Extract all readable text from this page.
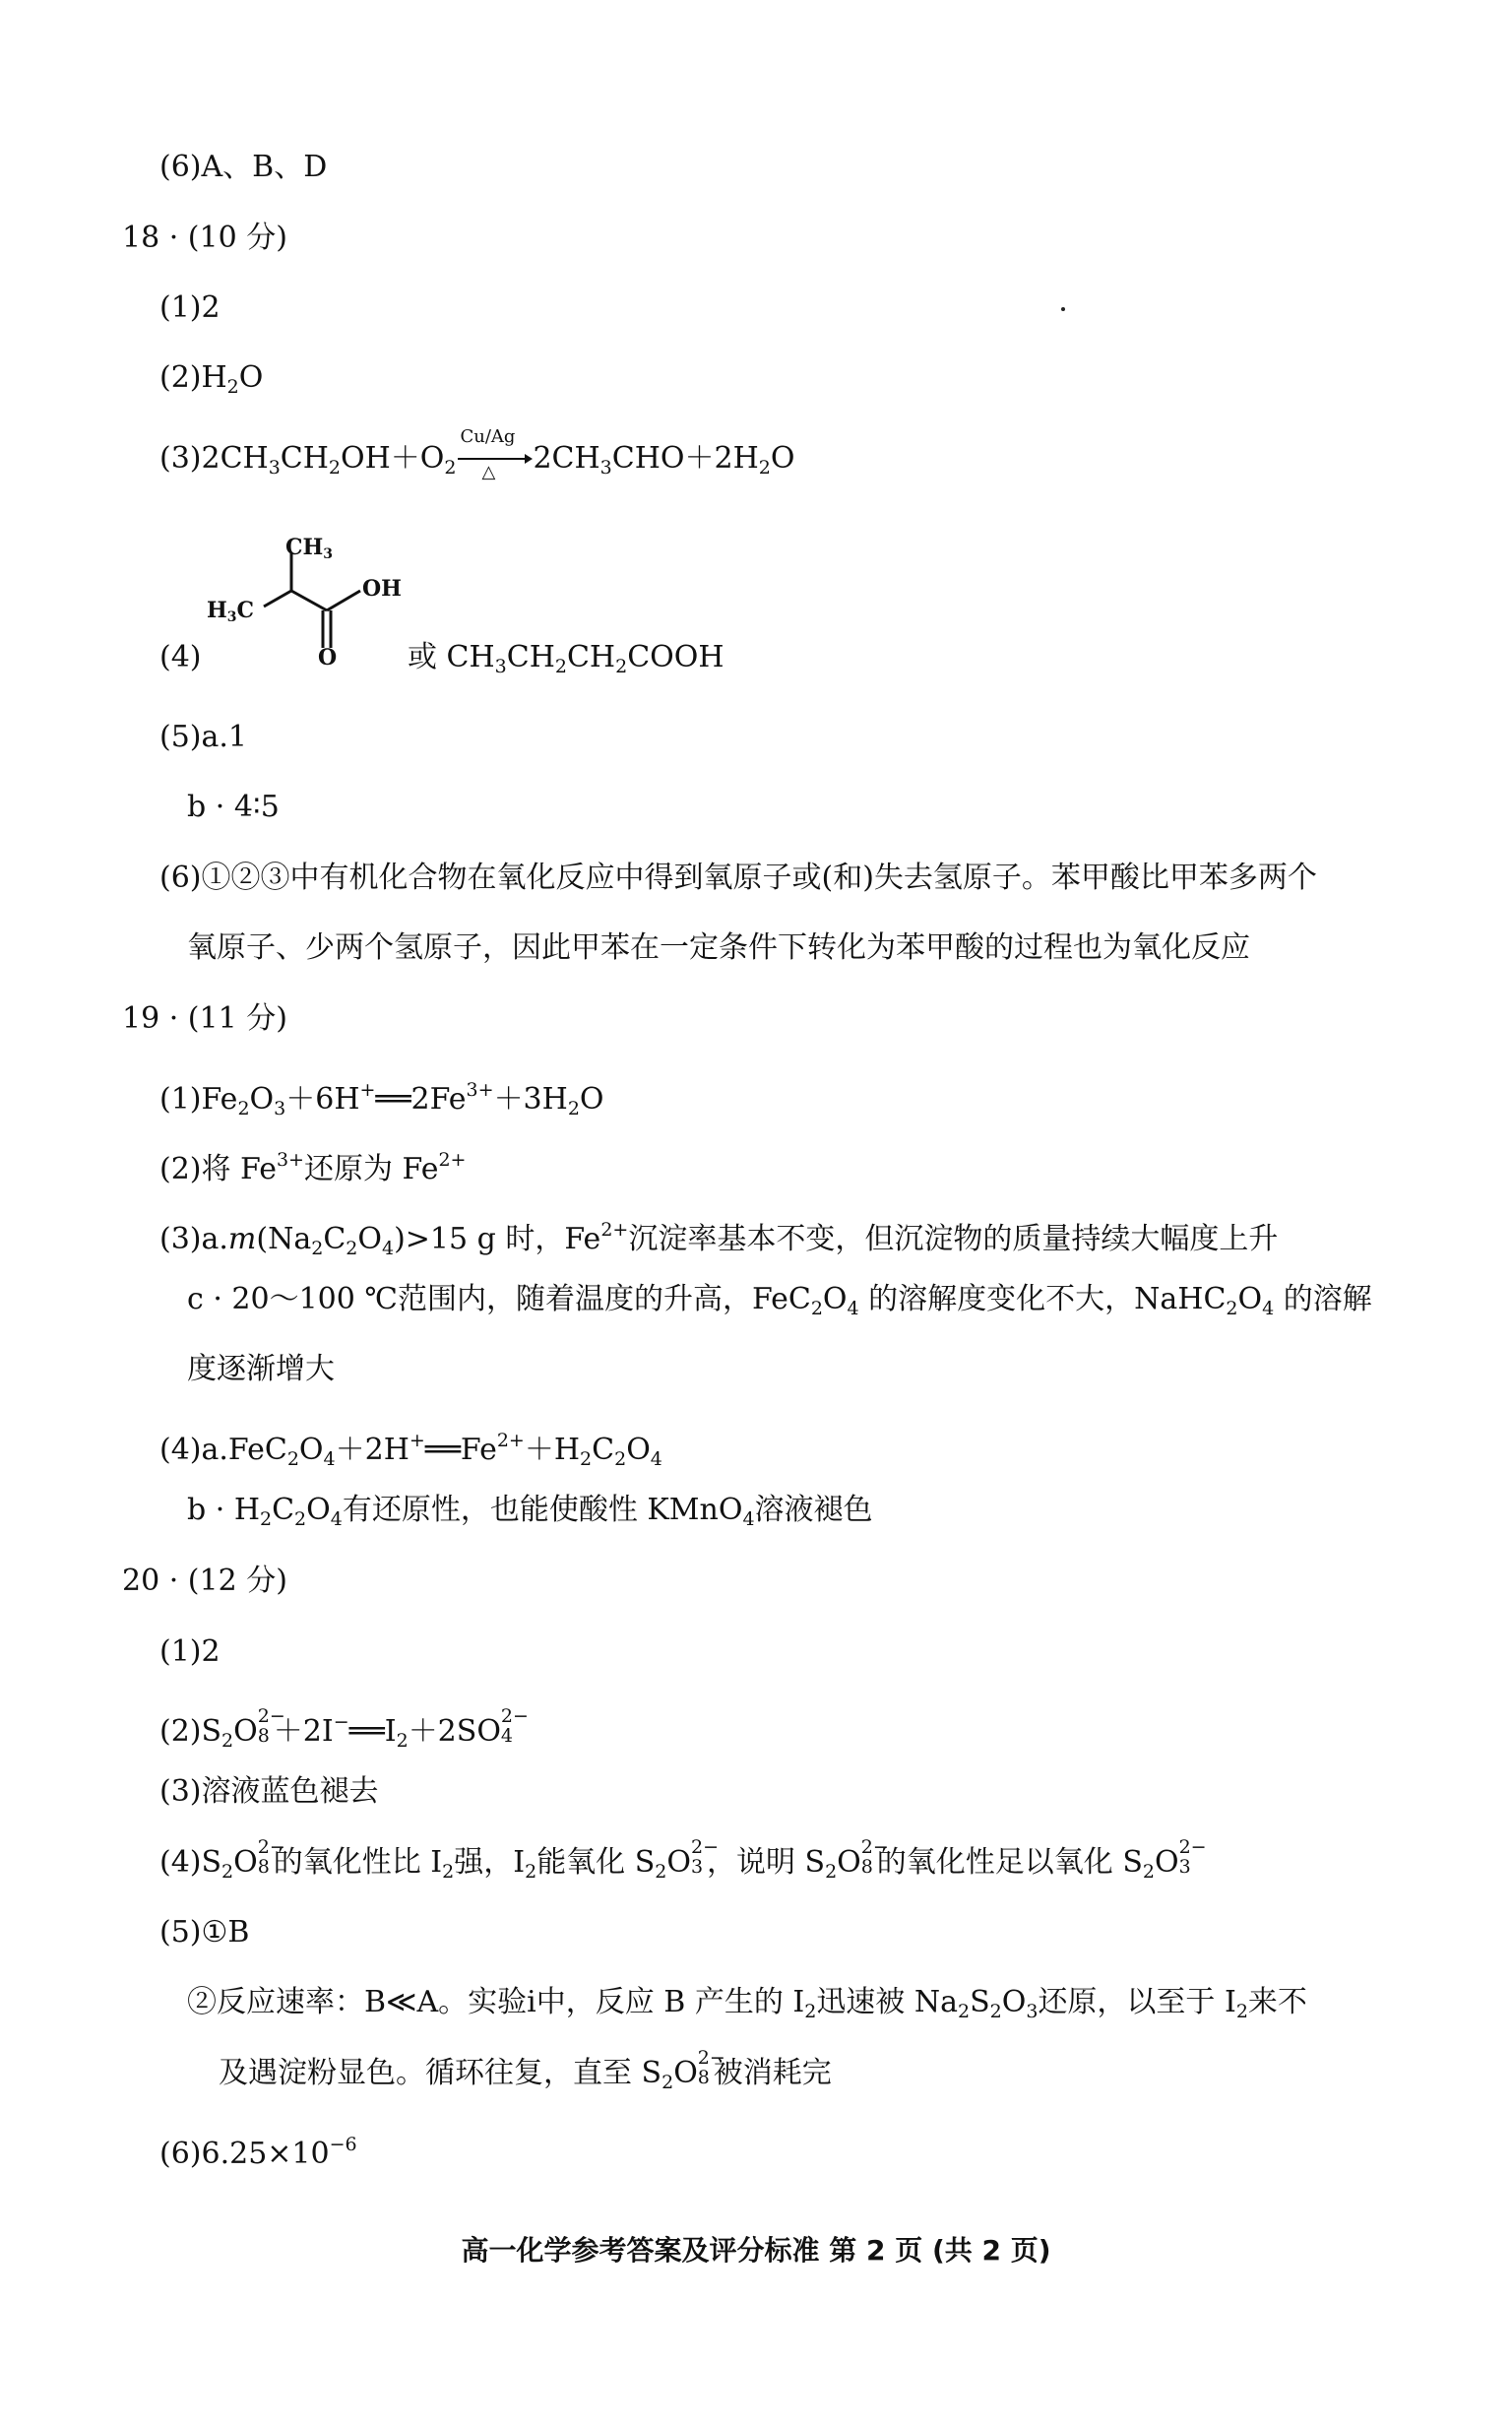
(6)A、B、D
18 · (10 分)
(1)2
$(2)H_2O$
$(3)2CH_3CH_2OH+O_2$
Cu/Ag
△ $2CH_3CHO+2H_2O$
CH3
H3C
OH
O
(4)	或 $CH_3CH_2CH_2COOH$
(5)a.1
b · 4∶5
(6)①②③中有机化合物在氧化反应中得到氧原子或(和)失去氢原子。苯甲酸比甲苯多两个
氧原子、少两个氢原子，因此甲苯在一定条件下转化为苯甲酸的过程也为氧化反应
19 · (11 分)
$(1)Fe_2O_3+6H^+══2Fe^{3+}+3H_2O$
(2)将 $Fe^{3+}$还原为 $Fe^{2+}$
$(3)a.m(Na_2C_2O_4)>15$ g 时，$Fe^{2+}$沉淀率基本不变，但沉淀物的质量持续大幅度上升
c · 20～100 ℃范围内，随着温度的升高，$FeC_2O_4$ 的溶解度变化不大，$NaHC_2O_4$ 的溶解
度逐渐增大
$(4)a.FeC_2O_4+2H^+══Fe^{2+}+H_2C_2O_4$
$b \cdot H_2C_2O_4$有还原性，也能使酸性 KMnO$_4$溶液褪色
20 · (12 分)
(1)2
$(2)S_2O$ 2−
$8 +2I^-══I_2+2SO$ 2−
4
(3)溶液蓝色褪去
$(4)S_2O$ 2−
8 的氧化性比 $I_2$强，$I_2$能氧化 $S_2O$ 2−
3 ，说明 $S_2O$ 2−
8 的氧化性足以氧化 $S_2O$ 2−
3
(5)①B
②反应速率：B≪A。实验ⅰ中，反应 B 产生的 $I_2$迅速被 $Na_2S_2O_3$还原，以至于 $I_2$来不
及遇淀粉显色。循环往复，直至 $S_2O$ 2−
8 被消耗完
$(6)6.25\times 10^{-6}$
高一化学参考答案及评分标准 第 2 页 (共 2 页)
